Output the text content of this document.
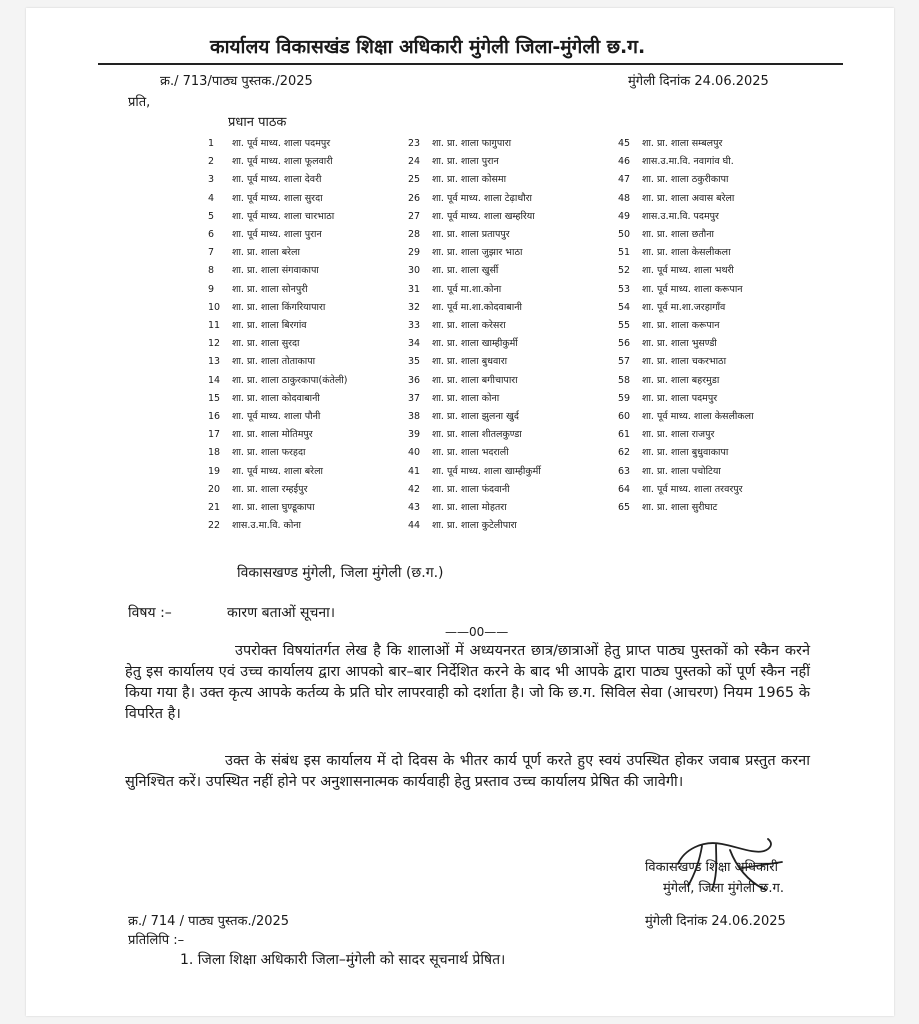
कार्यालय विकासखंड शिक्षा अधिकारी मुंगेली जिला-मुंगेली छ.ग.
क्र./ 713/पाठ्य पुस्तक./2025	मुंगेली दिनांक 24.06.2025
प्रति,
प्रधान पाठक
1 शा. पूर्व माध्य. शाला पदमपुर
2 शा. पूर्व माध्य. शाला फूलवारी
3 शा. पूर्व माध्य. शाला देवरी
4 शा. पूर्व माध्य. शाला सुरदा
5 शा. पूर्व माध्य. शाला चारभाठा
6 शा. पूर्व माध्य. शाला पुरान
7 शा. प्रा. शाला बरेला
8 शा. प्रा. शाला संगवाकापा
9 शा. प्रा. शाला सोनपुरी
10 शा. प्रा. शाला किंगरियापारा
11 शा. प्रा. शाला बिरगांव
12 शा. प्रा. शाला सुरदा
13 शा. प्रा. शाला तोताकापा
14 शा. प्रा. शाला ठाकुरकापा(कंतेली)
15 शा. प्रा. शाला कोदवाबानी
16 शा. पूर्व माध्य. शाला पौनी
17 शा. प्रा. शाला मोतिमपुर
18 शा. प्रा. शाला फरहदा
19 शा. पूर्व माध्य. शाला बरेला
20 शा. प्रा. शाला रम्हईपुर
21 शा. प्रा. शाला घुण्डूकापा
22 शास.उ.मा.वि. कोना
23 शा. प्रा. शाला फागुपारा
24 शा. प्रा. शाला पुरान
25 शा. प्रा. शाला कोसमा
26 शा. पूर्व माध्य. शाला टेढ़ाधौरा
27 शा. पूर्व माध्य. शाला खम्हरिया
28 शा. प्रा. शाला प्रतापपुर
29 शा. प्रा. शाला जुझार भाठा
30 शा. प्रा. शाला खुर्सी
31 शा. पूर्व मा.शा.कोना
32 शा. पूर्व मा.शा.कोदवाबानी
33 शा. प्रा. शाला करेसरा
34 शा. प्रा. शाला खाम्हीकुर्मी
35 शा. प्रा. शाला बुधवारा
36 शा. प्रा. शाला बगीचापारा
37 शा. प्रा. शाला कोना
38 शा. प्रा. शाला झुलना खुर्द
39 शा. प्रा. शाला शीतलकुण्डा
40 शा. प्रा. शाला भदराली
41 शा. पूर्व माध्य. शाला खाम्हीकुर्मी
42 शा. प्रा. शाला फंदवानी
43 शा. प्रा. शाला मोहतरा
44 शा. प्रा. शाला कुटेलीपारा
45 शा. प्रा. शाला सम्बलपुर
46 शास.उ.मा.वि. नवागांव घी.
47 शा. प्रा. शाला ठकुरीकापा
48 शा. प्रा. शाला अवास बरेला
49 शास.उ.मा.वि. पदमपुर
50 शा. प्रा. शाला छतौना
51 शा. प्रा. शाला केसलीकला
52 शा. पूर्व माध्य. शाला भथरी
53 शा. पूर्व माध्य. शाला करूपान
54 शा. पूर्व मा.शा.जरहागाँव
55 शा. प्रा. शाला करूपान
56 शा. प्रा. शाला भुसण्डी
57 शा. प्रा. शाला चकरभाठा
58 शा. प्रा. शाला बहरमुडा
59 शा. प्रा. शाला पदमपुर
60 शा. पूर्व माध्य. शाला केसलीकला
61 शा. प्रा. शाला राजपुर
62 शा. प्रा. शाला बुधुवाकापा
63 शा. प्रा. शाला पचोटिया
64 शा. पूर्व माध्य. शाला तरवरपुर
65 शा. प्रा. शाला सुरीघाट
विकासखण्ड मुंगेली, जिला मुंगेली (छ.ग.)
विषय :–	कारण बताओं सूचना।
——00——
उपरोक्त विषयांतर्गत लेख है कि शालाओं में अध्ययनरत छात्र/छात्राओं हेतु प्राप्त पाठ्य पुस्तकों को स्कैन करने हेतु इस कार्यालय एवं उच्च कार्यालय द्वारा आपको बार–बार निर्देशित करने के बाद भी आपके द्वारा पाठ्य पुस्तको कों पूर्ण स्कैन नहीं किया गया है। उक्त कृत्य आपके कर्तव्य के प्रति घोर लापरवाही को दर्शाता है। जो कि छ.ग. सिविल सेवा (आचरण) नियम 1965 के विपरित है।
उक्त के संबंध इस कार्यालय में दो दिवस के भीतर कार्य पूर्ण करते हुए स्वयं उपस्थित होकर जवाब प्रस्तुत करना सुनिश्चित करें। उपस्थित नहीं होने पर अनुशासनात्मक कार्यवाही हेतु प्रस्ताव उच्च कार्यालय प्रेषित की जावेगी।
विकासखण्ड शिक्षा अधिकारी
मुंगेली, जिला मुंगेली छ.ग.
क्र./ 714 / पाठ्य पुस्तक./2025	मुंगेली दिनांक 24.06.2025
प्रतिलिपि :–
1. जिला शिक्षा अधिकारी जिला–मुंगेली को सादर सूचनार्थ प्रेषित।
